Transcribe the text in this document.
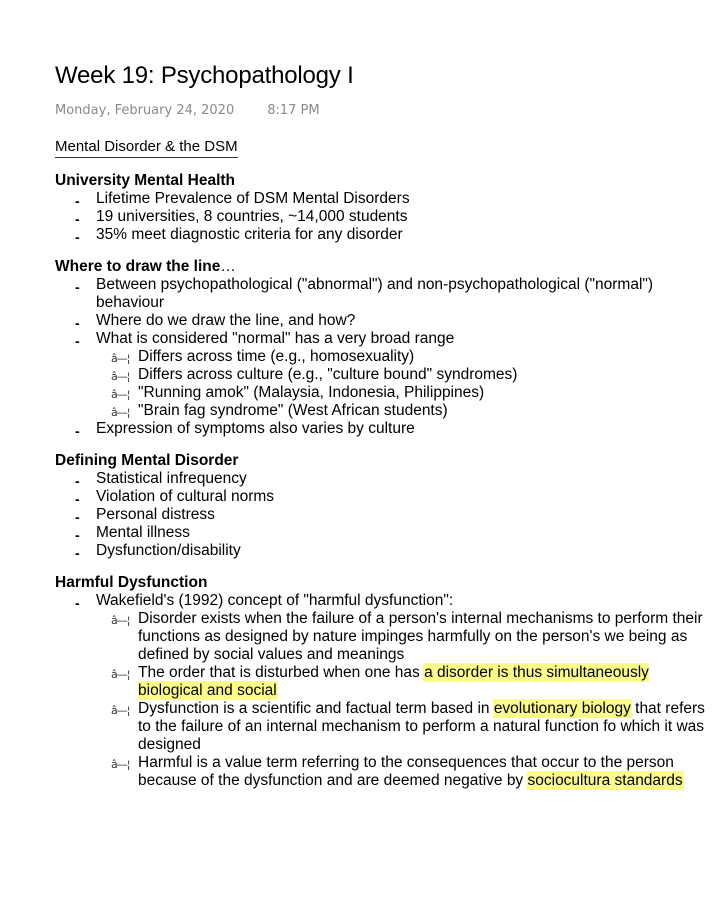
Week 19: Psychopathology I
Monday, February 24, 2020	8:17 PM
Mental Disorder & the DSM
University Mental Health
- Lifetime Prevalence of DSM Mental Disorders
- 19 universities, 8 countries, ~14,000 students
- 35% meet diagnostic criteria for any disorder
Where to draw the line…
- Between psychopathological ("abnormal") and non-psychopathological ("normal") behaviour
- Where do we draw the line, and how?
- What is considered "normal" has a very broad range
â—¦ Differs across time (e.g., homosexuality)
â—¦ Differs across culture (e.g., "culture bound" syndromes)
â—¦ "Running amok" (Malaysia, Indonesia, Philippines)
â—¦ "Brain fag syndrome" (West African students)
- Expression of symptoms also varies by culture
Defining Mental Disorder
- Statistical infrequency
- Violation of cultural norms
- Personal distress
- Mental illness
- Dysfunction/disability
Harmful Dysfunction
- Wakefield's (1992) concept of "harmful dysfunction":
â—¦ Disorder exists when the failure of a person's internal mechanisms to perform their functions as designed by nature impinges harmfully on the person's we being as defined by social values and meanings
â—¦ The order that is disturbed when one has a disorder is thus simultaneously biological and social
â—¦ Dysfunction is a scientific and factual term based in evolutionary biology that refers to the failure of an internal mechanism to perform a natural function fo which it was designed
â—¦ Harmful is a value term referring to the consequences that occur to the person because of the dysfunction and are deemed negative by sociocultura standards
